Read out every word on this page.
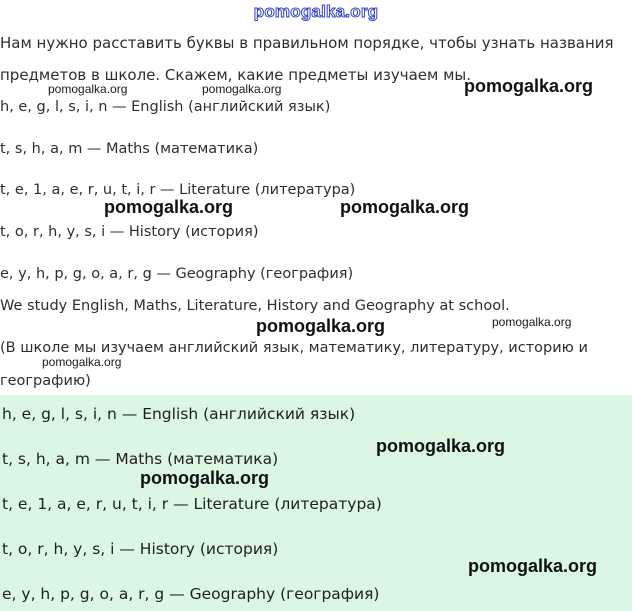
pomogalka.org
Нам нужно расставить буквы в правильном порядке, чтобы узнать названия
предметов в школе. Скажем, какие предметы изучаем мы.
h, e, g, l, s, i, n — English (английский язык)
t, s, h, a, m — Maths (математика)
t, e, 1, a, e, r, u, t, i, r — Literature (литература)
t, o, r, h, y, s, i — History (история)
e, y, h, p, g, o, a, r, g — Geography (география)
We study English, Maths, Literature, History and Geography at school.
(В школе мы изучаем английский язык, математику, литературу, историю и
географию)
h, e, g, l, s, i, n — English (английский язык)
t, s, h, a, m — Maths (математика)
t, e, 1, a, e, r, u, t, i, r — Literature (литература)
t, o, r, h, y, s, i — History (история)
e, y, h, p, g, o, a, r, g — Geography (география)
pomogalka.org	pomogalka.org	pomogalka.org
pomogalka.org	pomogalka.org
pomogalka.org	pomogalka.org
pomogalka.org
pomogalka.org
pomogalka.org
pomogalka.org
